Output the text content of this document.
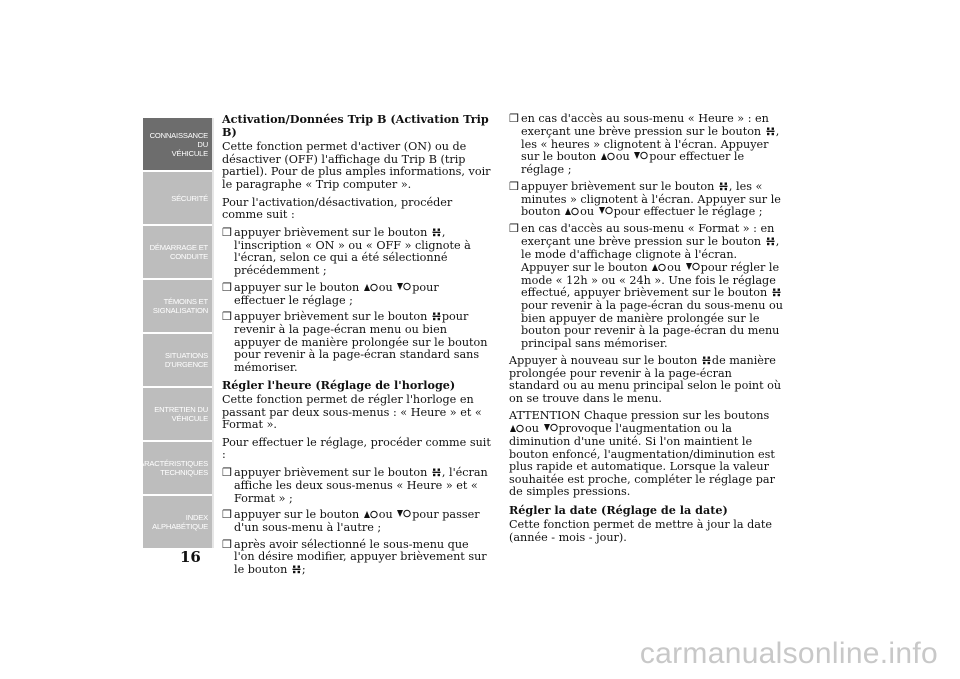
CONNAISSANCE DU
VÉHICULE
SÉCURITÉ
DÉMARRAGE ET
CONDUITE
TÉMOINS ET
SIGNALISATION
SITUATIONS
D'URGENCE
ENTRETIEN DU
VÉHICULE
CARACTÉRISTIQUES
TECHNIQUES
INDEX
ALPHABÉTIQUE
16

Activation/Données Trip B (Activation Trip B)

Cette fonction permet d'activer (ON) ou de désactiver (OFF) l'affichage du Trip B (trip partiel). Pour de plus amples informations, voir le paragraphe « Trip computer ».

Pour l'activation/désactivation, procéder comme suit :

❒ appuyer brièvement sur le bouton , l'inscription « ON » ou « OFF » clignote à l'écran, selon ce qui a été sélectionné précédemment ;
❒ appuyer sur le bouton ou pour effectuer le réglage ;
❒ appuyer brièvement sur le bouton pour revenir à la page-écran menu ou bien appuyer de manière prolongée sur le bouton pour revenir à la page-écran standard sans mémoriser.

Régler l'heure (Réglage de l'horloge)

Cette fonction permet de régler l'horloge en passant par deux sous-menus : « Heure » et « Format ».

Pour effectuer le réglage, procéder comme suit :

❒ appuyer brièvement sur le bouton , l'écran affiche les deux sous-menus « Heure » et « Format » ;
❒ appuyer sur le bouton ou pour passer d'un sous-menu à l'autre ;
❒ après avoir sélectionné le sous-menu que l'on désire modifier, appuyer brièvement sur le bouton ;
❒ en cas d'accès au sous-menu « Heure » : en exerçant une brève pression sur le bouton , les « heures » clignotent à l'écran. Appuyer sur le bouton ou pour effectuer le réglage ;
❒ appuyer brièvement sur le bouton , les « minutes » clignotent à l'écran. Appuyer sur le bouton ou pour effectuer le réglage ;
❒ en cas d'accès au sous-menu « Format » : en exerçant une brève pression sur le bouton , le mode d'affichage clignote à l'écran. Appuyer sur le bouton ou pour régler le mode « 12h » ou « 24h ». Une fois le réglage effectué, appuyer brièvement sur le bouton pour revenir à la page-écran du sous-menu ou bien appuyer de manière prolongée sur le bouton pour revenir à la page-écran du menu principal sans mémoriser.

Appuyer à nouveau sur le bouton de manière prolongée pour revenir à la page-écran standard ou au menu principal selon le point où on se trouve dans le menu.

ATTENTION Chaque pression sur les boutons ou provoque l'augmentation ou la diminution d'une unité. Si l'on maintient le bouton enfoncé, l'augmentation/diminution est plus rapide et automatique. Lorsque la valeur souhaitée est proche, compléter le réglage par de simples pressions.

Régler la date (Réglage de la date)

Cette fonction permet de mettre à jour la date (année - mois - jour).

carmanualsonline.info
